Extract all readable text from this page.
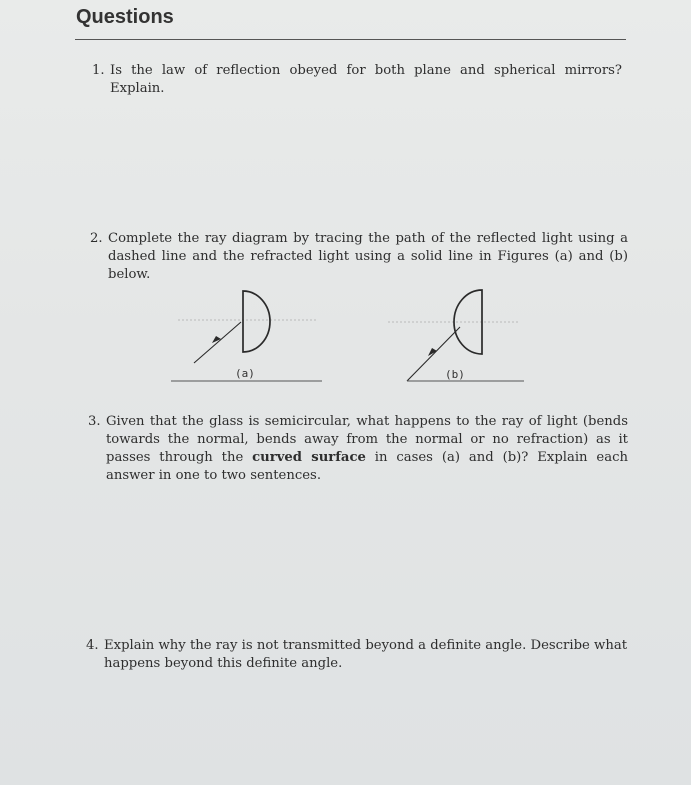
Questions
1. Is the law of reflection obeyed for both plane and spherical mirrors? Explain.
2. Complete the ray diagram by tracing the path of the reflected light using a dashed line and the refracted light using a solid line in Figures (a) and (b) below.
(a)	(b)
3. Given that the glass is semicircular, what happens to the ray of light (bends towards the normal, bends away from the normal or no refraction) as it passes through the curved surface in cases (a) and (b)? Explain each answer in one to two sentences.
4. Explain why the ray is not transmitted beyond a definite angle. Describe what happens beyond this definite angle.
